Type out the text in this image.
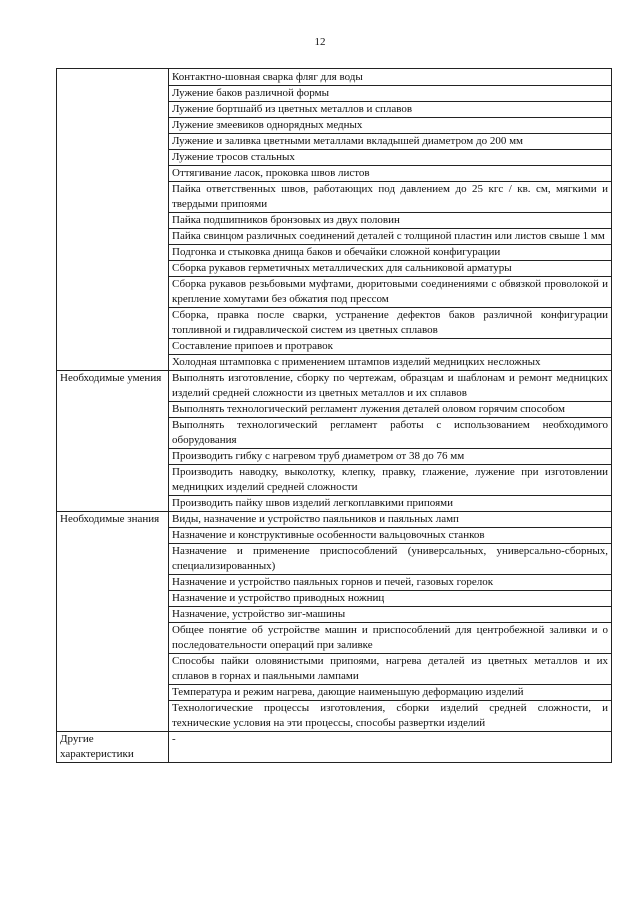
12
	Контактно-шовная сварка фляг для воды
	Лужение баков различной формы
	Лужение бортшайб из цветных металлов и сплавов
	Лужение змеевиков однорядных медных
	Лужение и заливка цветными металлами вкладышей диаметром до 200 мм
	Лужение тросов стальных
	Оттягивание ласок, проковка швов листов
	Пайка ответственных швов, работающих под давлением до 25 кгс / кв. см, мягкими и твердыми припоями
	Пайка подшипников бронзовых из двух половин
	Пайка свинцом различных соединений деталей с толщиной пластин или листов свыше 1 мм
	Подгонка и стыковка днища баков и обечайки сложной конфигурации
	Сборка рукавов герметичных металлических для сальниковой арматуры
	Сборка рукавов резьбовыми муфтами, дюритовыми соединениями с обвязкой проволокой и крепление хомутами без обжатия под прессом
	Сборка, правка после сварки, устранение дефектов баков различной конфигурации топливной и гидравлической систем из цветных сплавов
	Составление припоев и протравок
	Холодная штамповка с применением штампов изделий медницких несложных
Необходимые умения	Выполнять изготовление, сборку по чертежам, образцам и шаблонам и ремонт медницких изделий средней сложности из цветных металлов и их сплавов
	Выполнять технологический регламент лужения деталей оловом горячим способом
	Выполнять технологический регламент работы с использованием необходимого оборудования
	Производить гибку с нагревом труб диаметром от 38 до 76 мм
	Производить наводку, выколотку, клепку, правку, глажение, лужение при изготовлении медницких изделий средней сложности
	Производить пайку швов изделий легкоплавкими припоями
Необходимые знания	Виды, назначение и устройство паяльников и паяльных ламп
	Назначение и конструктивные особенности вальцовочных станков
	Назначение и применение приспособлений (универсальных, универсально-сборных, специализированных)
	Назначение и устройство паяльных горнов и печей, газовых горелок
	Назначение и устройство приводных ножниц
	Назначение, устройство зиг-машины
	Общее понятие об устройстве машин и приспособлений для центробежной заливки и о последовательности операций при заливке
	Способы пайки оловянистыми припоями, нагрева деталей из цветных металлов и их сплавов в горнах и паяльными лампами
	Температура и режим нагрева, дающие наименьшую деформацию изделий
	Технологические процессы изготовления, сборки изделий средней сложности, и технические условия на эти процессы, способы развертки изделий
Другие характеристики	-
